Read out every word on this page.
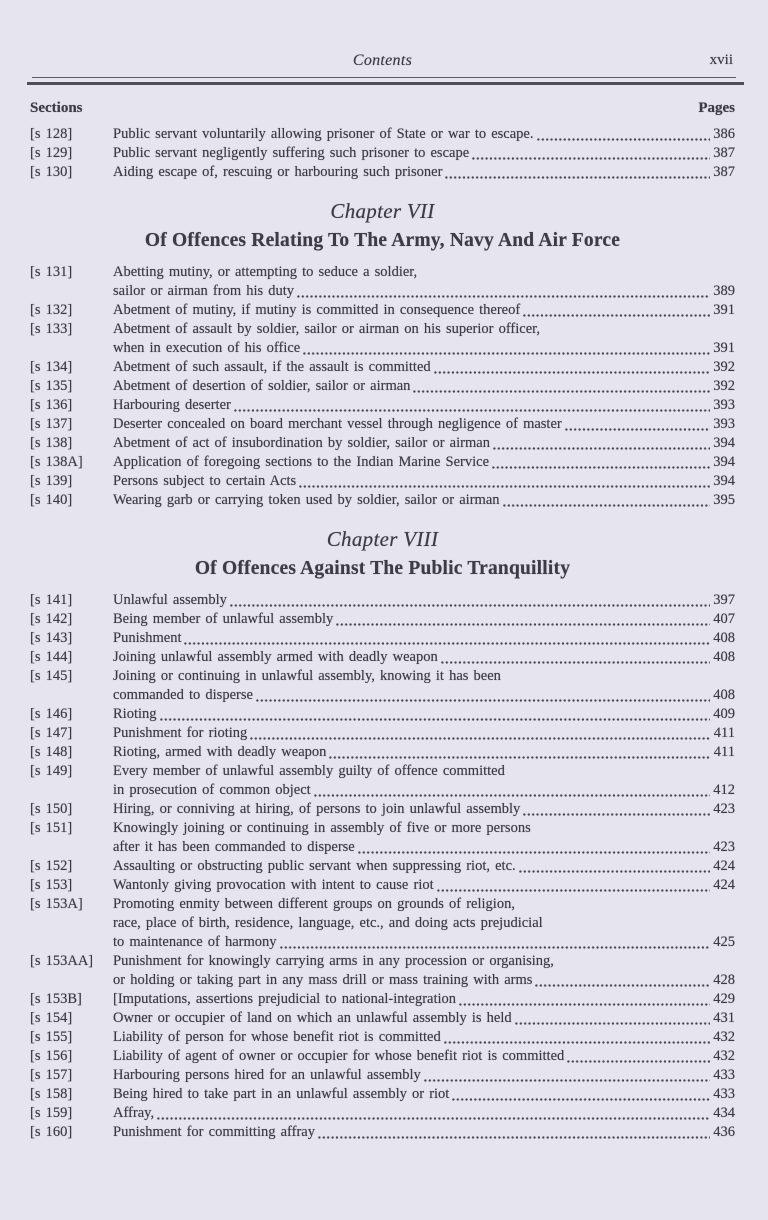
Contents	xvii
Sections	Pages
[s 128]	Public servant voluntarily allowing prisoner of State or war to escape.	386
[s 129]	Public servant negligently suffering such prisoner to escape	387
[s 130]	Aiding escape of, rescuing or harbouring such prisoner	387
Chapter VII
Of Offences Relating To The Army, Navy And Air Force
[s 131]	Abetting mutiny, or attempting to seduce a soldier,
sailor or airman from his duty	389
[s 132]	Abetment of mutiny, if mutiny is committed in consequence thereof	391
[s 133]	Abetment of assault by soldier, sailor or airman on his superior officer,
when in execution of his office	391
[s 134]	Abetment of such assault, if the assault is committed	392
[s 135]	Abetment of desertion of soldier, sailor or airman	392
[s 136]	Harbouring deserter	393
[s 137]	Deserter concealed on board merchant vessel through negligence of master	393
[s 138]	Abetment of act of insubordination by soldier, sailor or airman	394
[s 138A]	Application of foregoing sections to the Indian Marine Service	394
[s 139]	Persons subject to certain Acts	394
[s 140]	Wearing garb or carrying token used by soldier, sailor or airman	395
Chapter VIII
Of Offences Against The Public Tranquillity
[s 141]	Unlawful assembly	397
[s 142]	Being member of unlawful assembly	407
[s 143]	Punishment	408
[s 144]	Joining unlawful assembly armed with deadly weapon	408
[s 145]	Joining or continuing in unlawful assembly, knowing it has been
commanded to disperse	408
[s 146]	Rioting	409
[s 147]	Punishment for rioting	411
[s 148]	Rioting, armed with deadly weapon	411
[s 149]	Every member of unlawful assembly guilty of offence committed
in prosecution of common object	412
[s 150]	Hiring, or conniving at hiring, of persons to join unlawful assembly	423
[s 151]	Knowingly joining or continuing in assembly of five or more persons
after it has been commanded to disperse	423
[s 152]	Assaulting or obstructing public servant when suppressing riot, etc.	424
[s 153]	Wantonly giving provocation with intent to cause riot	424
[s 153A]	Promoting enmity between different groups on grounds of religion,
race, place of birth, residence, language, etc., and doing acts prejudicial
to maintenance of harmony	425
[s 153AA]	Punishment for knowingly carrying arms in any procession or organising,
or holding or taking part in any mass drill or mass training with arms	428
[s 153B]	[Imputations, assertions prejudicial to national-integration	429
[s 154]	Owner or occupier of land on which an unlawful assembly is held	431
[s 155]	Liability of person for whose benefit riot is committed	432
[s 156]	Liability of agent of owner or occupier for whose benefit riot is committed	432
[s 157]	Harbouring persons hired for an unlawful assembly	433
[s 158]	Being hired to take part in an unlawful assembly or riot	433
[s 159]	Affray,	434
[s 160]	Punishment for committing affray	436
